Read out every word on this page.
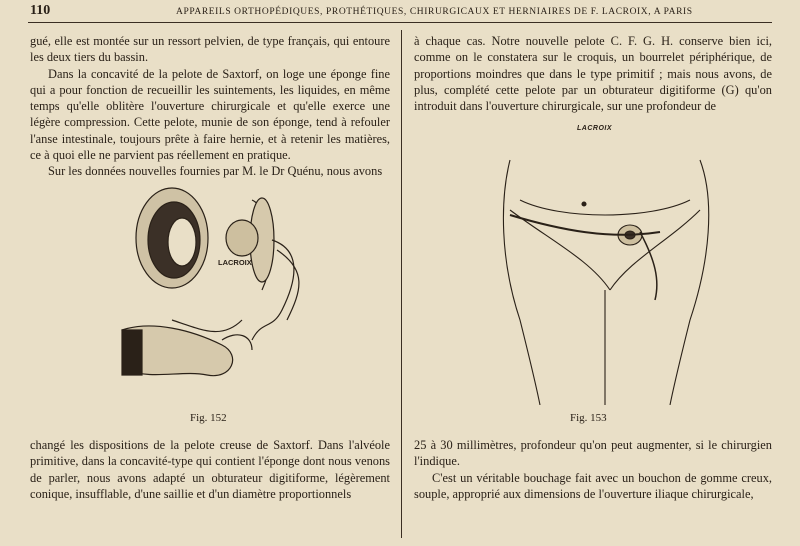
110	APPAREILS ORTHOPÉDIQUES, PROTHÉTIQUES, CHIRURGICAUX ET HERNIAIRES DE F. LACROIX, A PARIS

gué, elle est montée sur un ressort pelvien, de type français, qui entoure les deux tiers du bassin.

Dans la concavité de la pelote de Saxtorf, on loge une éponge fine qui a pour fonction de recueillir les suintements, les liquides, en même temps qu'elle oblitère l'ouverture chirurgicale et qu'elle exerce une légère compression. Cette pelote, munie de son éponge, tend à refouler l'anse intestinale, toujours prête à faire hernie, et à retenir les matières, ce à quoi elle ne parvient pas réellement en pratique.

Sur les données nouvelles fournies par M. le Dr Quénu, nous avons

à chaque cas. Notre nouvelle pelote C. F. G. H. conserve bien ici, comme on le constatera sur le croquis, un bourrelet périphérique, de proportions moindres que dans le type primitif ; mais nous avons, de plus, complété cette pelote par un obturateur digitiforme (G) qu'on introduit dans l'ouverture chirurgicale, sur une profondeur de

LACROIX
LACROIX
Fig. 152	Fig. 153

changé les dispositions de la pelote creuse de Saxtorf. Dans l'alvéole primitive, dans la concavité-type qui contient l'éponge dont nous venons de parler, nous avons adapté un obturateur digitiforme, légèrement conique, insufflable, d'une saillie et d'un diamètre proportionnels

25 à 30 millimètres, profondeur qu'on peut augmenter, si le chirurgien l'indique.

C'est un véritable bouchage fait avec un bouchon de gomme creux, souple, approprié aux dimensions de l'ouverture iliaque chirurgicale,
